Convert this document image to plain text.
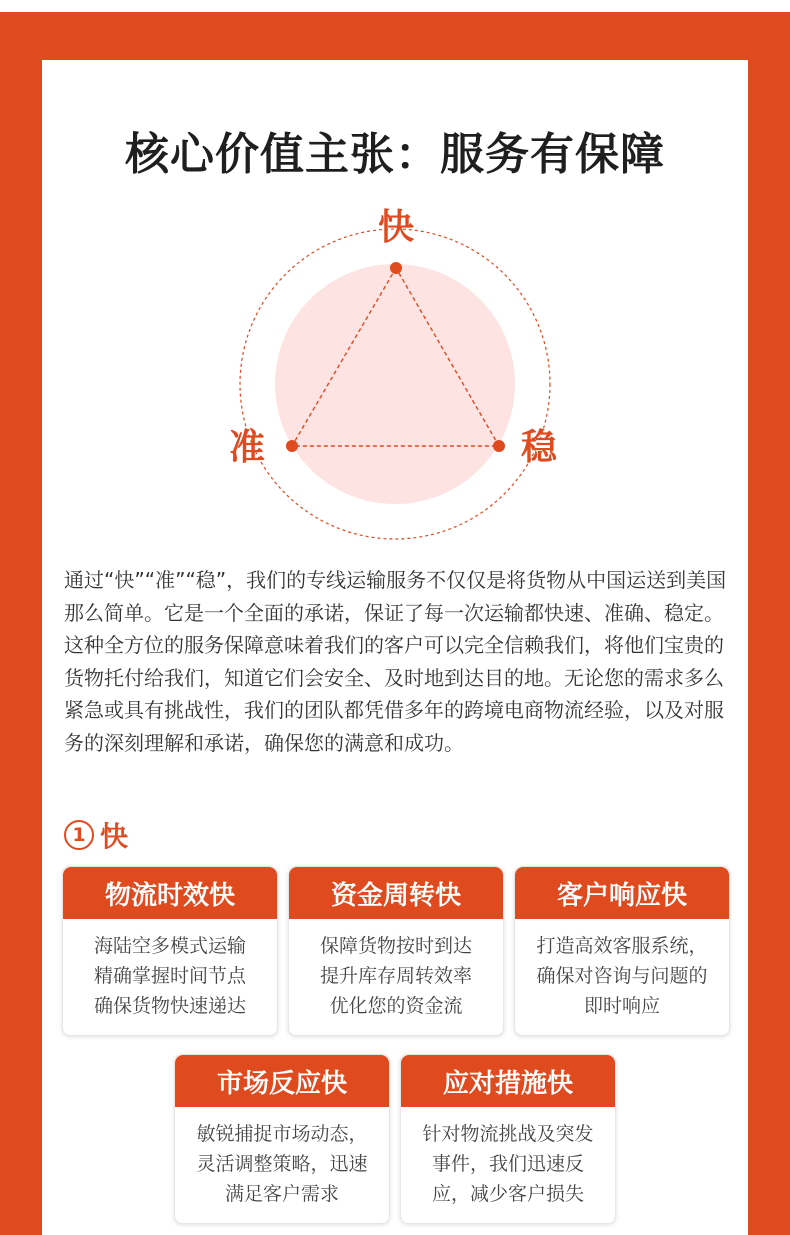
核心价值主张：服务有保障
快
准	稳

通过“快”“准”“稳”，我们的专线运输服务不仅仅是将货物从中国运送到美国那么简单。它是一个全面的承诺，保证了每一次运输都快速、准确、稳定。这种全方位的服务保障意味着我们的客户可以完全信赖我们，将他们宝贵的货物托付给我们，知道它们会安全、及时地到达目的地。无论您的需求多么紧急或具有挑战性，我们的团队都凭借多年的跨境电商物流经验，以及对服务的深刻理解和承诺，确保您的满意和成功。

1 快
物流时效快
海陆空多模式运输
精确掌握时间节点
确保货物快速递达
资金周转快
保障货物按时到达
提升库存周转效率
优化您的资金流
客户响应快
打造高效客服系统，
确保对咨询与问题的
即时响应
市场反应快
敏锐捕捉市场动态，
灵活调整策略，迅速
满足客户需求
应对措施快
针对物流挑战及突发
事件，我们迅速反
应，减少客户损失
